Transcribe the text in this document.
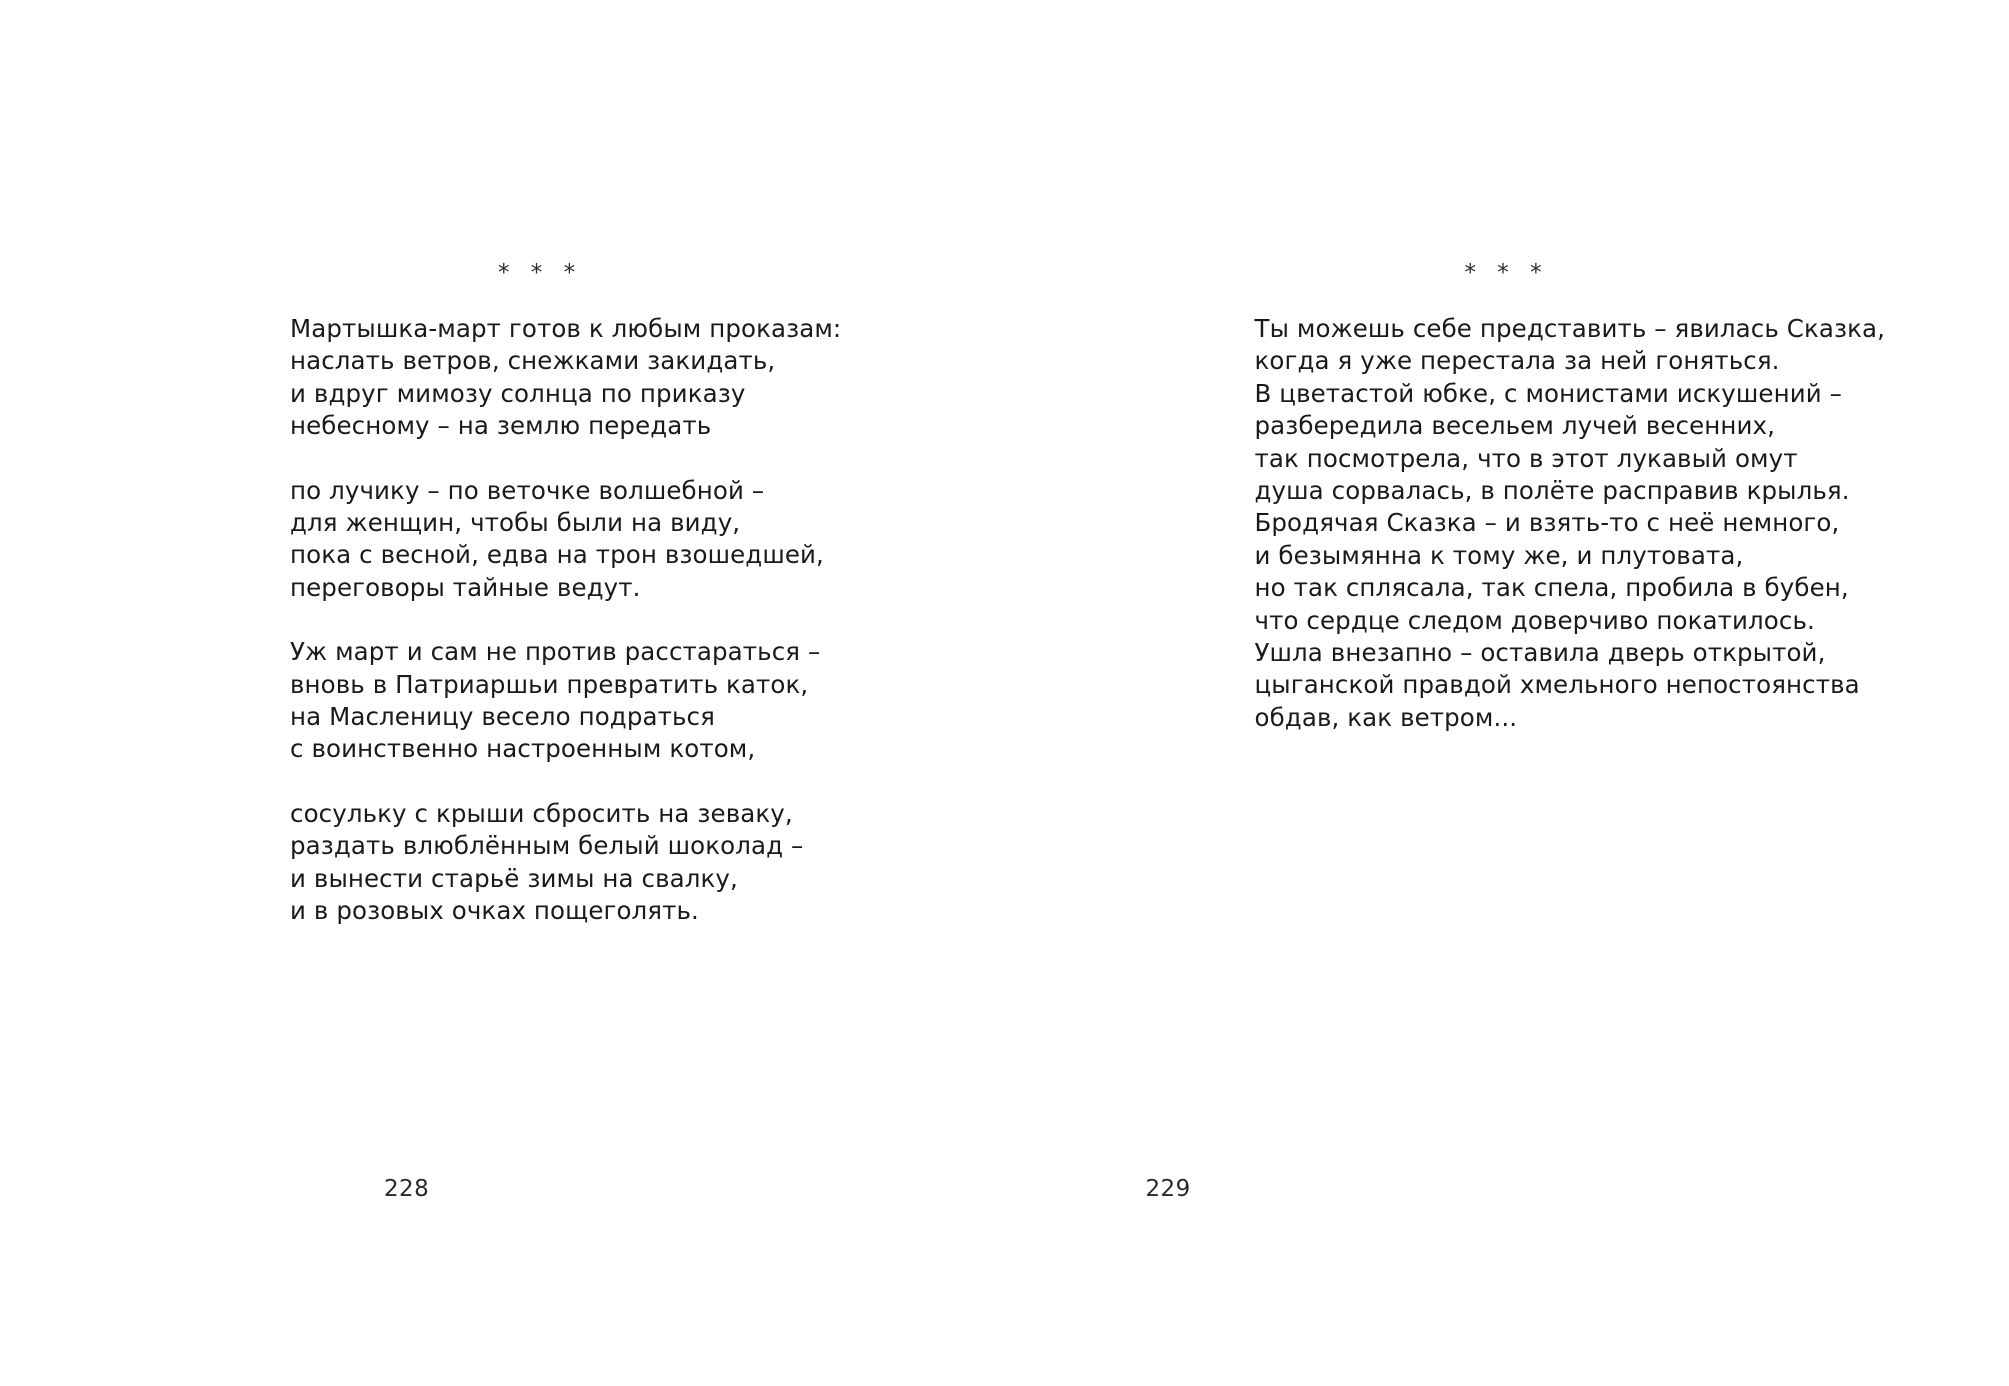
* * *
Мартышка-март готов к любым проказам:
наслать ветров, снежками закидать,
и вдруг мимозу солнца по приказу
небесному – на землю передать
по лучику – по веточке волшебной –
для женщин, чтобы были на виду,
пока с весной, едва на трон взошедшей,
переговоры тайные ведут.
Уж март и сам не против расстараться –
вновь в Патриаршьи превратить каток,
на Масленицу весело подраться
с воинственно настроенным котом,
сосульку с крыши сбросить на зеваку,
раздать влюблённым белый шоколад –
и вынести старьё зимы на свалку,
и в розовых очках пощеголять.
228
* * *
Ты можешь себе представить – явилась Сказка,
когда я уже перестала за ней гоняться.
В цветастой юбке, с монистами искушений –
разбередила весельем лучей весенних,
так посмотрела, что в этот лукавый омут
душа сорвалась, в полёте расправив крылья.
Бродячая Сказка – и взять-то с неё немного,
и безымянна к тому же, и плутовата,
но так сплясала, так спела, пробила в бубен,
что сердце следом доверчиво покатилось.
Ушла внезапно – оставила дверь открытой,
цыганской правдой хмельного непостоянства
обдав, как ветром...
229
